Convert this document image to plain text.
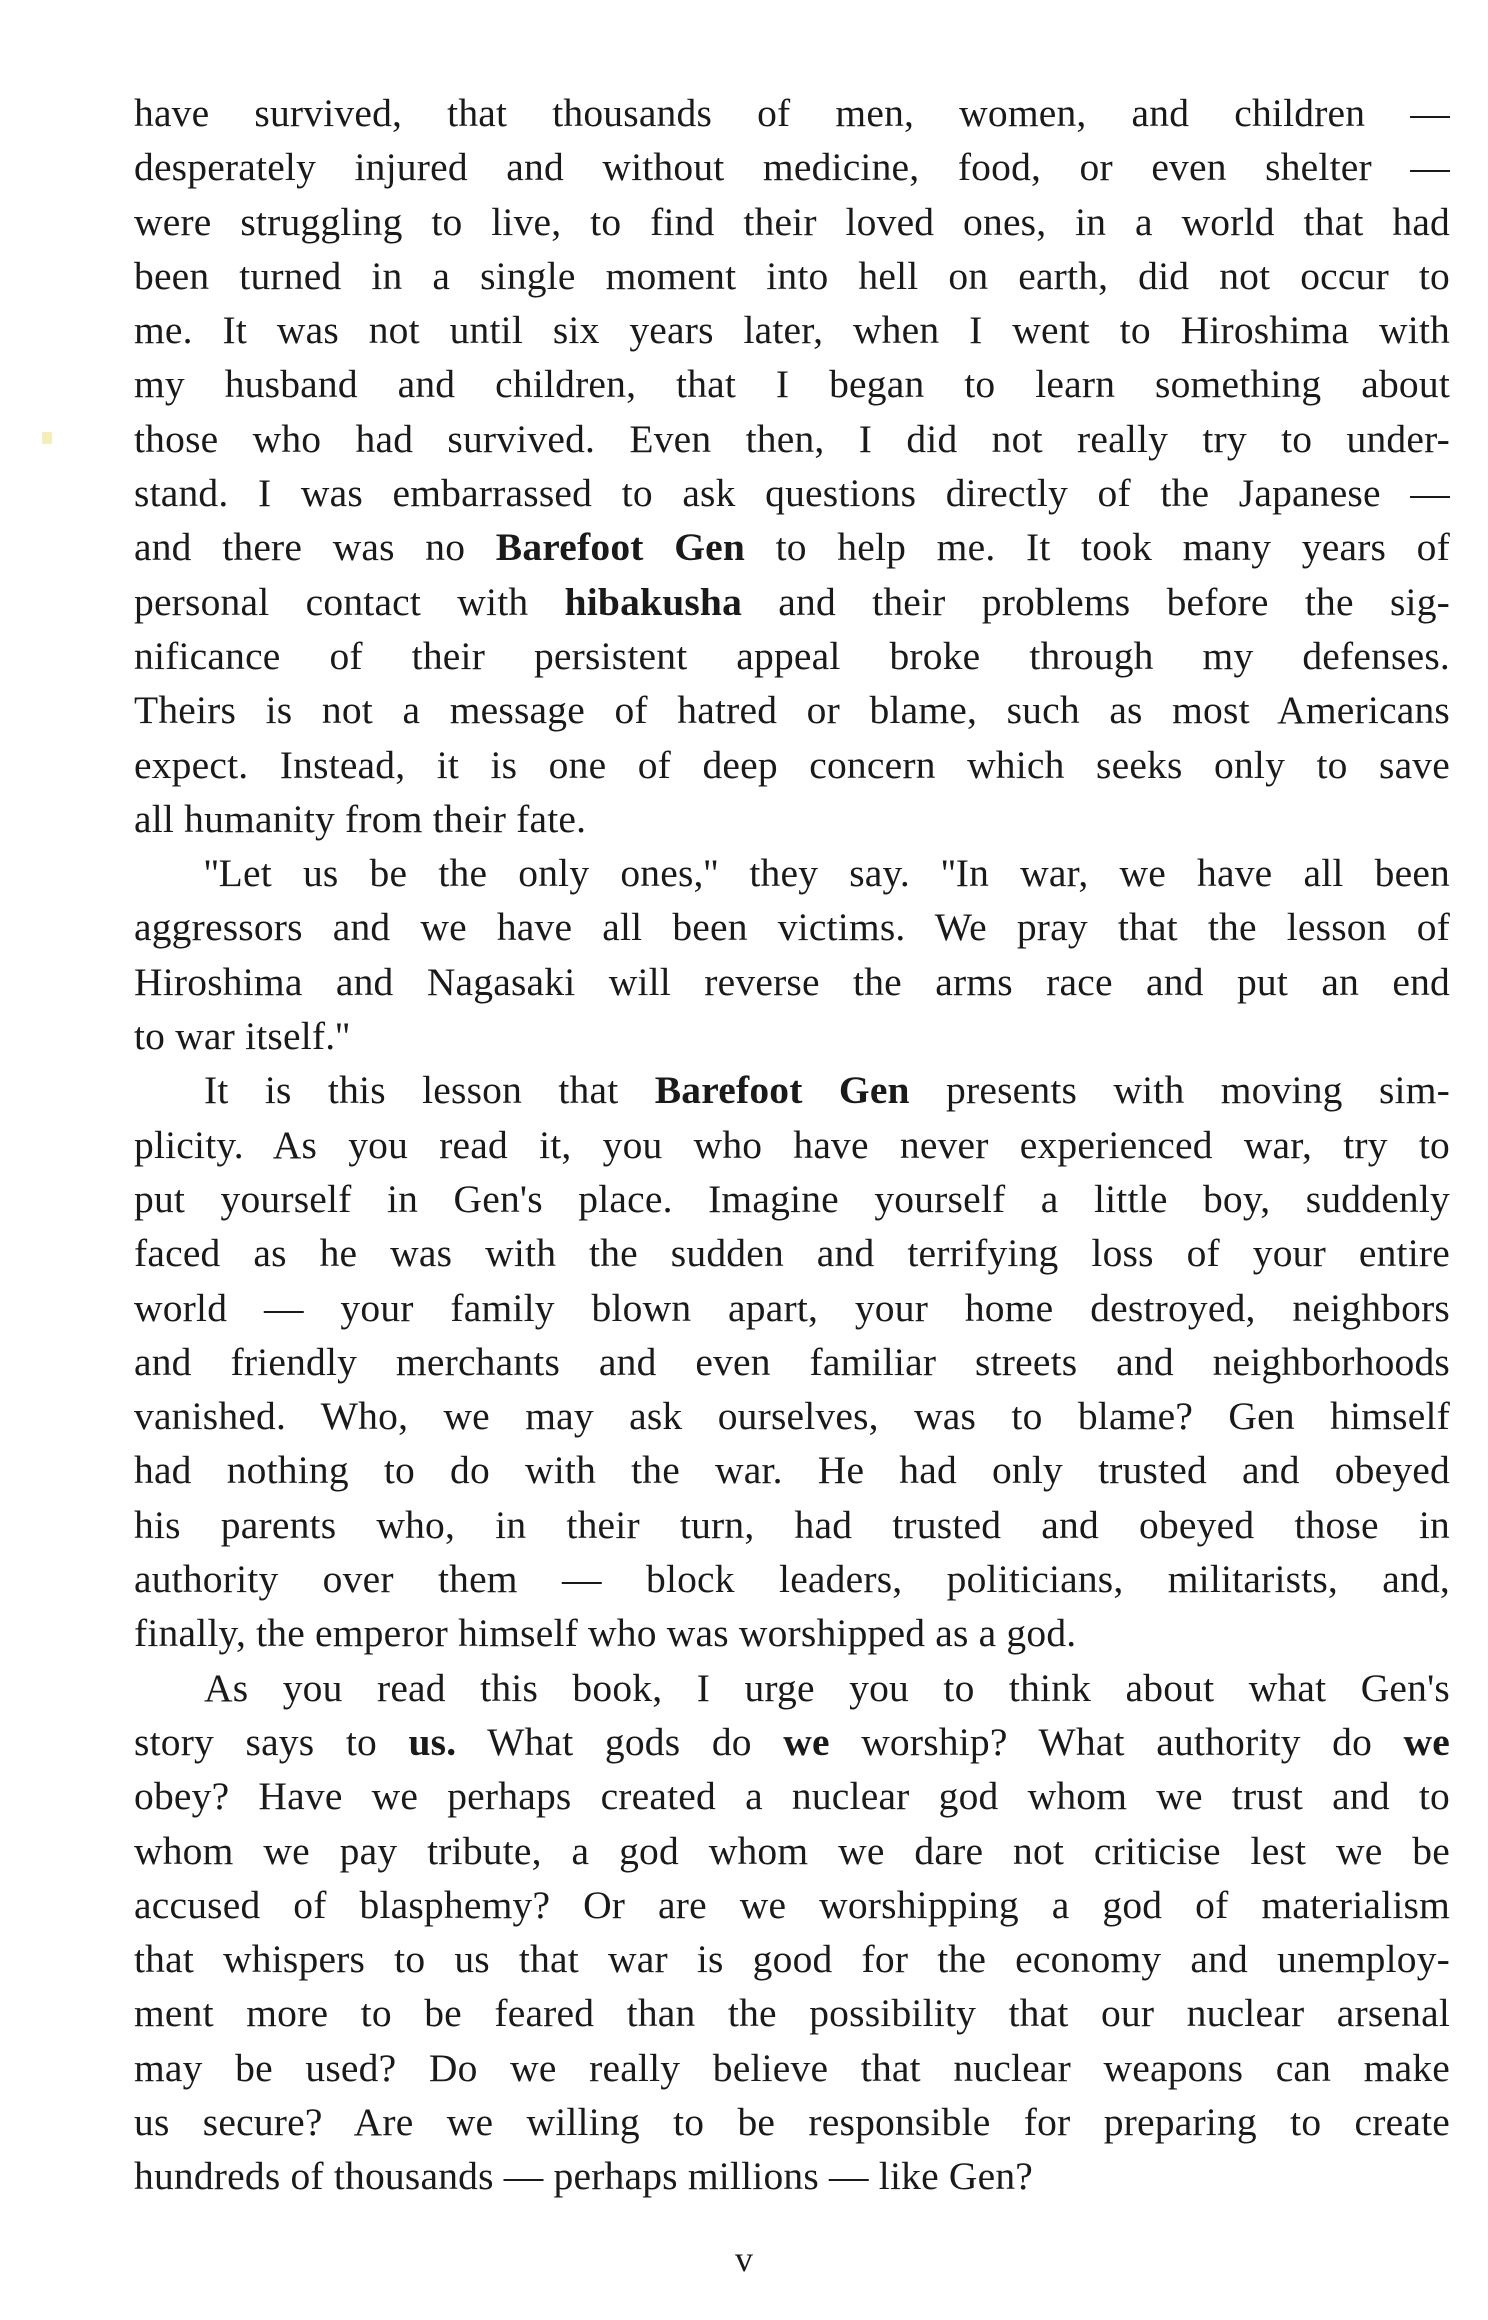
have survived, that thousands of men, women, and children —
desperately injured and without medicine, food, or even shelter —
were struggling to live, to find their loved ones, in a world that had
been turned in a single moment into hell on earth, did not occur to
me. It was not until six years later, when I went to Hiroshima with
my husband and children, that I began to learn something about
those who had survived. Even then, I did not really try to under-
stand. I was embarrassed to ask questions directly of the Japanese —
and there was no Barefoot Gen to help me. It took many years of
personal contact with hibakusha and their problems before the sig-
nificance of their persistent appeal broke through my defenses.
Theirs is not a message of hatred or blame, such as most Americans
expect. Instead, it is one of deep concern which seeks only to save
all humanity from their fate.
''Let us be the only ones,'' they say. ''In war, we have all been
aggressors and we have all been victims. We pray that the lesson of
Hiroshima and Nagasaki will reverse the arms race and put an end
to war itself.''
It is this lesson that Barefoot Gen presents with moving sim-
plicity. As you read it, you who have never experienced war, try to
put yourself in Gen's place. Imagine yourself a little boy, suddenly
faced as he was with the sudden and terrifying loss of your entire
world — your family blown apart, your home destroyed, neighbors
and friendly merchants and even familiar streets and neighborhoods
vanished. Who, we may ask ourselves, was to blame? Gen himself
had nothing to do with the war. He had only trusted and obeyed
his parents who, in their turn, had trusted and obeyed those in
authority over them — block leaders, politicians, militarists, and,
finally, the emperor himself who was worshipped as a god.
As you read this book, I urge you to think about what Gen's
story says to us. What gods do we worship? What authority do we
obey? Have we perhaps created a nuclear god whom we trust and to
whom we pay tribute, a god whom we dare not criticise lest we be
accused of blasphemy? Or are we worshipping a god of materialism
that whispers to us that war is good for the economy and unemploy-
ment more to be feared than the possibility that our nuclear arsenal
may be used? Do we really believe that nuclear weapons can make
us secure? Are we willing to be responsible for preparing to create
hundreds of thousands — perhaps millions — like Gen?
v
